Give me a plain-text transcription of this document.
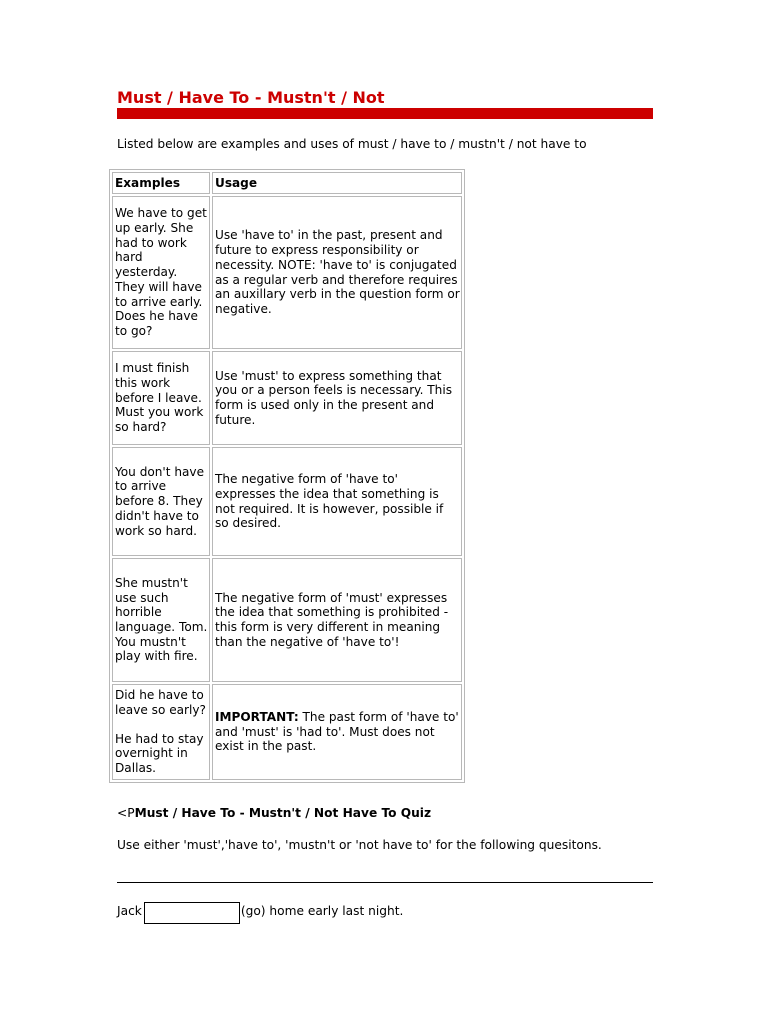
Must / Have To - Mustn't / Not
Listed below are examples and uses of must / have to / mustn't / not have to
Examples	Usage

We have to get up early. She had to work hard yesterday. They will have to arrive early. Does he have to go?	Use 'have to' in the past, present and future to express responsibility or necessity. NOTE: 'have to' is conjugated as a regular verb and therefore requires an auxillary verb in the question form or negative.

I must finish this work before I leave. Must you work so hard?	Use 'must' to express something that you or a person feels is necessary. This form is used only in the present and future.

You don't have to arrive before 8. They didn't have to work so hard.	The negative form of 'have to' expresses the idea that something is not required. It is however, possible if so desired.

She mustn't use such horrible language. Tom. You mustn't play with fire.	The negative form of 'must' expresses the idea that something is prohibited - this form is very different in meaning than the negative of 'have to'!

Did he have to leave so early?
He had to stay overnight in Dallas.	IMPORTANT: The past form of 'have to' and 'must' is 'had to'. Must does not exist in the past.
<PMust / Have To - Mustn't / Not Have To Quiz
Use either 'must','have to', 'mustn't or 'not have to' for the following quesitons.
Jack	(go) home early last night.
